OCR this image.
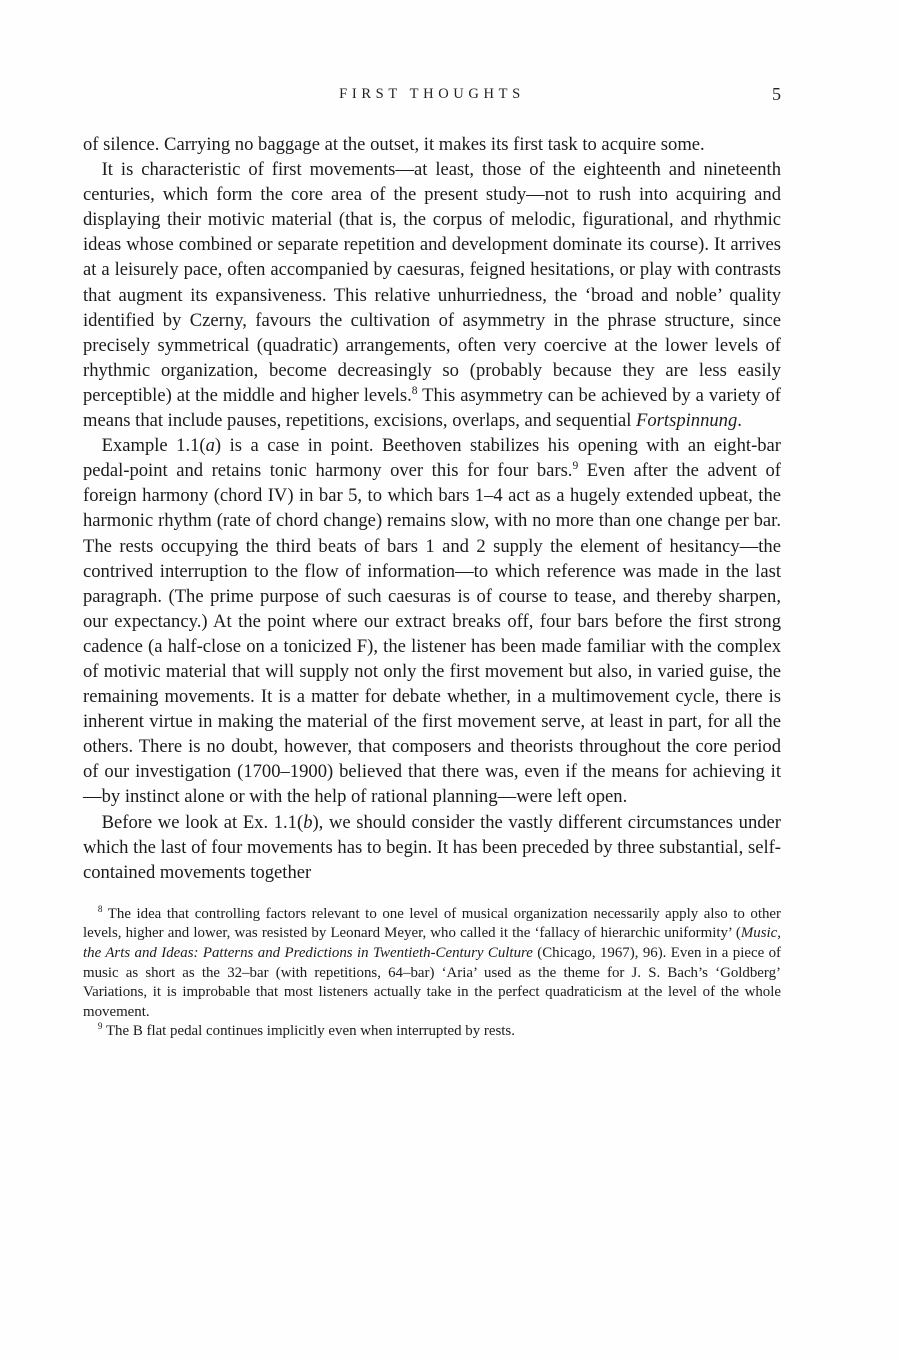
FIRST THOUGHTS	5

of silence. Carrying no baggage at the outset, it makes its first task to acquire some.

It is characteristic of first movements—at least, those of the eighteenth and nineteenth centuries, which form the core area of the present study—not to rush into acquiring and displaying their motivic material (that is, the corpus of melodic, figurational, and rhythmic ideas whose combined or separate repetition and development dominate its course). It arrives at a leisurely pace, often accompanied by caesuras, feigned hesitations, or play with contrasts that augment its expansiveness. This relative unhurriedness, the ‘broad and noble’ quality identified by Czerny, favours the cultivation of asymmetry in the phrase structure, since precisely symmetrical (quadratic) arrangements, often very coercive at the lower levels of rhythmic organization, become decreasingly so (probably because they are less easily perceptible) at the middle and higher levels.$^8$ This asymmetry can be achieved by a variety of means that include pauses, repetitions, excisions, overlaps, and sequential Fortspinnung.

Example 1.1(a) is a case in point. Beethoven stabilizes his opening with an eight-bar pedal-point and retains tonic harmony over this for four bars.$^9$ Even after the advent of foreign harmony (chord IV) in bar 5, to which bars 1–4 act as a hugely extended upbeat, the harmonic rhythm (rate of chord change) remains slow, with no more than one change per bar. The rests occupying the third beats of bars 1 and 2 supply the element of hesitancy—the contrived interruption to the flow of information—to which reference was made in the last paragraph. (The prime purpose of such caesuras is of course to tease, and thereby sharpen, our expectancy.) At the point where our extract breaks off, four bars before the first strong cadence (a half-close on a tonicized F), the listener has been made familiar with the complex of motivic material that will supply not only the first movement but also, in varied guise, the remaining movements. It is a matter for debate whether, in a multimovement cycle, there is inherent virtue in making the material of the first movement serve, at least in part, for all the others. There is no doubt, however, that composers and theorists throughout the core period of our investigation (1700–1900) believed that there was, even if the means for achieving it—by instinct alone or with the help of rational planning—were left open.

Before we look at Ex. 1.1(b), we should consider the vastly different circumstances under which the last of four movements has to begin. It has been preceded by three substantial, self-contained movements together

$^8$ The idea that controlling factors relevant to one level of musical organization necessarily apply also to other levels, higher and lower, was resisted by Leonard Meyer, who called it the ‘fallacy of hierarchic uniformity’ (Music, the Arts and Ideas: Patterns and Predictions in Twentieth-Century Culture (Chicago, 1967), 96). Even in a piece of music as short as the 32–bar (with repetitions, 64–bar) ‘Aria’ used as the theme for J. S. Bach’s ‘Goldberg’ Variations, it is improbable that most listeners actually take in the perfect quadraticism at the level of the whole movement.

$^9$ The B flat pedal continues implicitly even when interrupted by rests.
